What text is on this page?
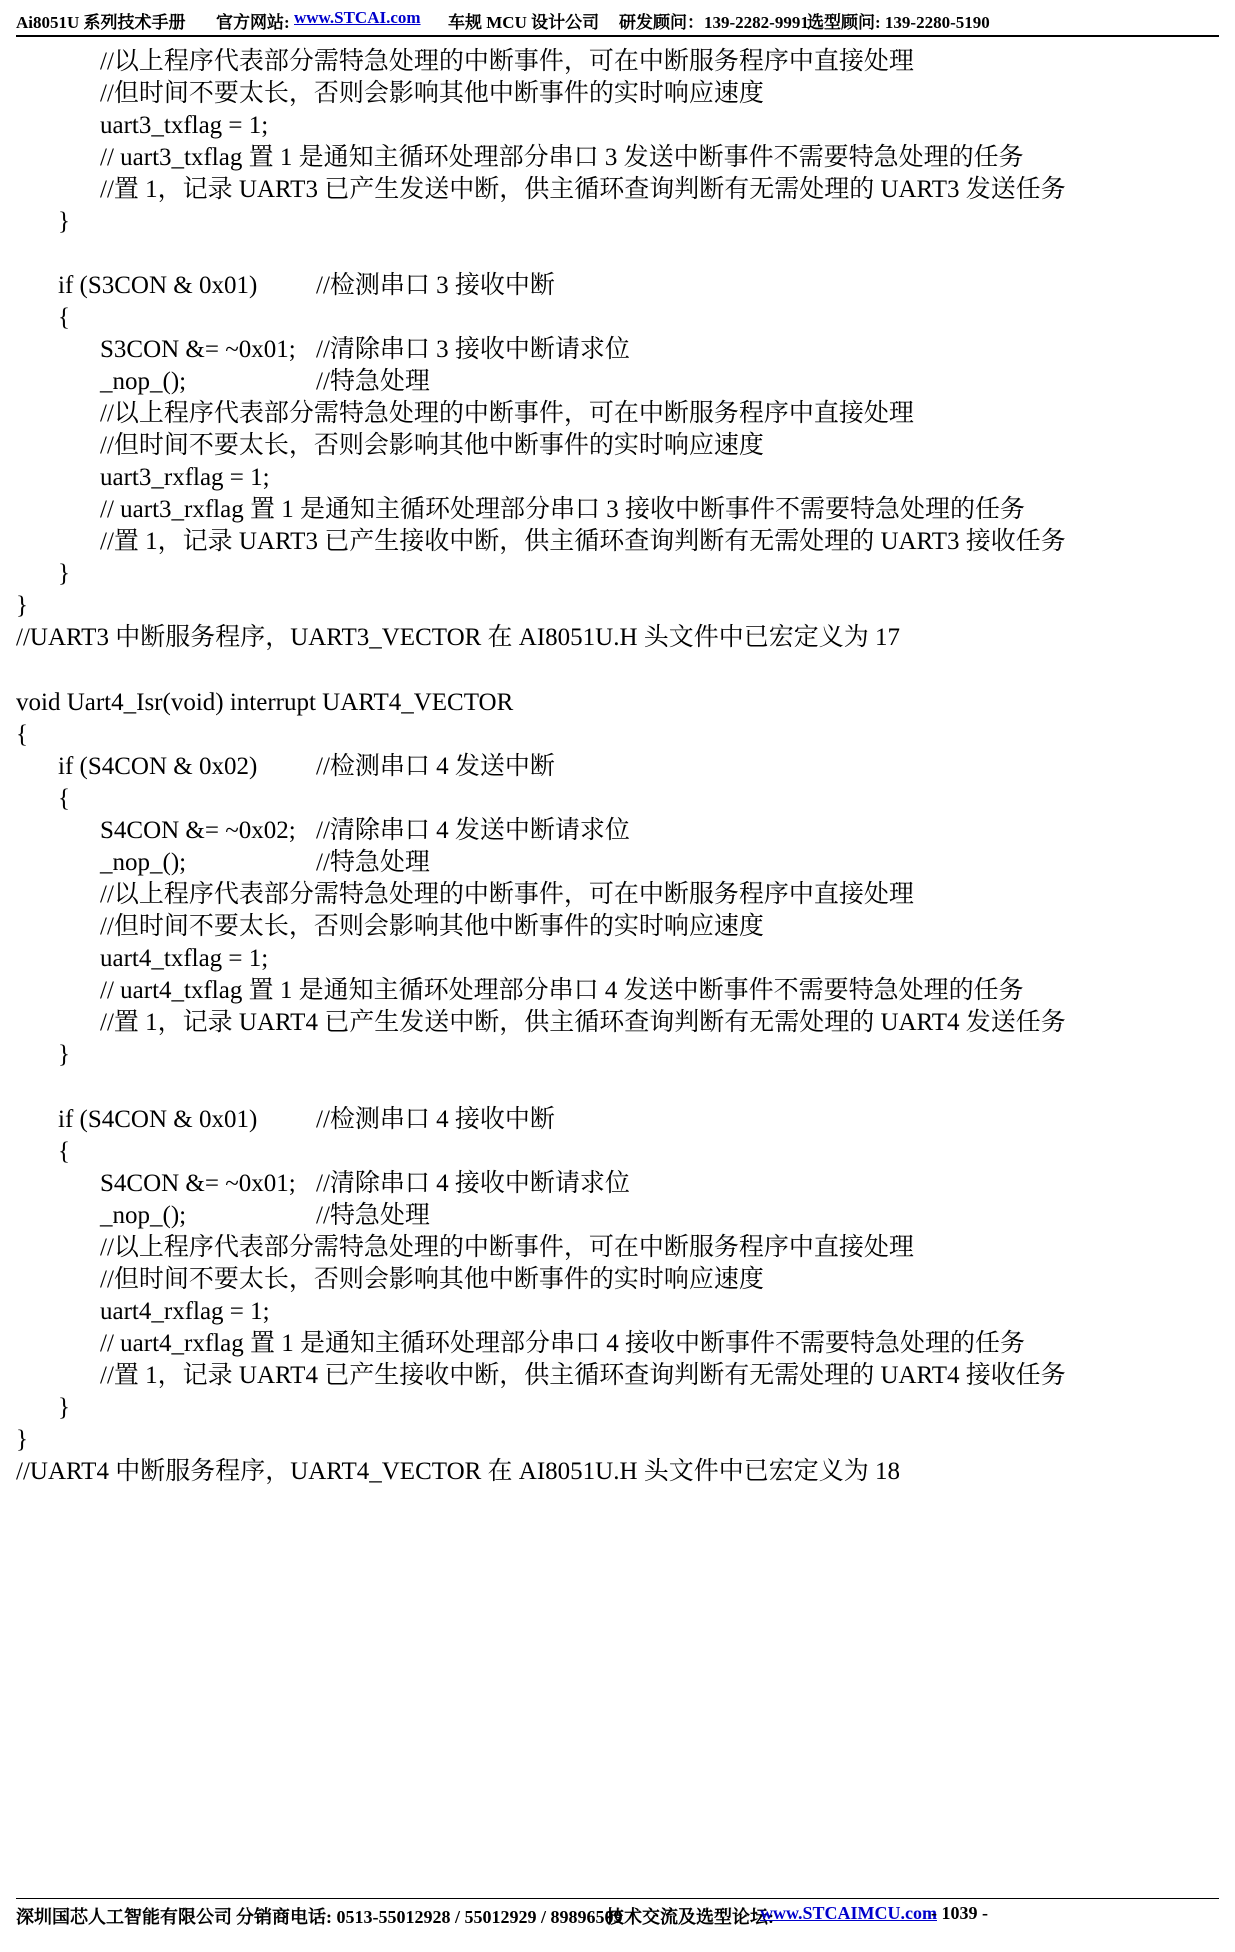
Ai8051U 系列技术手册 官方网站: www.STCAI.com 车规 MCU 设计公司 研发顾问：139-2282-9991
选型顾问: 139-2280-5190
//以上程序代表部分需特急处理的中断事件，可在中断服务程序中直接处理
//但时间不要太长，否则会影响其他中断事件的实时响应速度
uart3_txflag = 1;
// uart3_txflag 置 1 是通知主循环处理部分串口 3 发送中断事件不需要特急处理的任务
//置 1，记录 UART3 已产生发送中断，供主循环查询判断有无需处理的 UART3 发送任务
}
if (S3CON & 0x01) //检测串口 3 接收中断
{
S3CON &= ~0x01; //清除串口 3 接收中断请求位
_nop_();	//特急处理
//以上程序代表部分需特急处理的中断事件，可在中断服务程序中直接处理
//但时间不要太长，否则会影响其他中断事件的实时响应速度
uart3_rxflag = 1;
// uart3_rxflag 置 1 是通知主循环处理部分串口 3 接收中断事件不需要特急处理的任务
//置 1，记录 UART3 已产生接收中断，供主循环查询判断有无需处理的 UART3 接收任务
}
}
//UART3 中断服务程序，UART3_VECTOR 在 AI8051U.H 头文件中已宏定义为 17
void Uart4_Isr(void) interrupt UART4_VECTOR
{
if (S4CON & 0x02) //检测串口 4 发送中断
{
S4CON &= ~0x02; //清除串口 4 发送中断请求位
_nop_();	//特急处理
//以上程序代表部分需特急处理的中断事件，可在中断服务程序中直接处理
//但时间不要太长，否则会影响其他中断事件的实时响应速度
uart4_txflag = 1;
// uart4_txflag 置 1 是通知主循环处理部分串口 4 发送中断事件不需要特急处理的任务
//置 1，记录 UART4 已产生发送中断，供主循环查询判断有无需处理的 UART4 发送任务
}
if (S4CON & 0x01) //检测串口 4 接收中断
{
S4CON &= ~0x01; //清除串口 4 接收中断请求位
_nop_();	//特急处理
//以上程序代表部分需特急处理的中断事件，可在中断服务程序中直接处理
//但时间不要太长，否则会影响其他中断事件的实时响应速度
uart4_rxflag = 1;
// uart4_rxflag 置 1 是通知主循环处理部分串口 4 接收中断事件不需要特急处理的任务
//置 1，记录 UART4 已产生接收中断，供主循环查询判断有无需处理的 UART4 接收任务
}
}
//UART4 中断服务程序，UART4_VECTOR 在 AI8051U.H 头文件中已宏定义为 18
深圳国芯人工智能有限公司 分销商电话: 0513-55012928 / 55012929 / 89896509
技术交流及选型论坛:
www.STCAIMCU.com
- 1039 -
